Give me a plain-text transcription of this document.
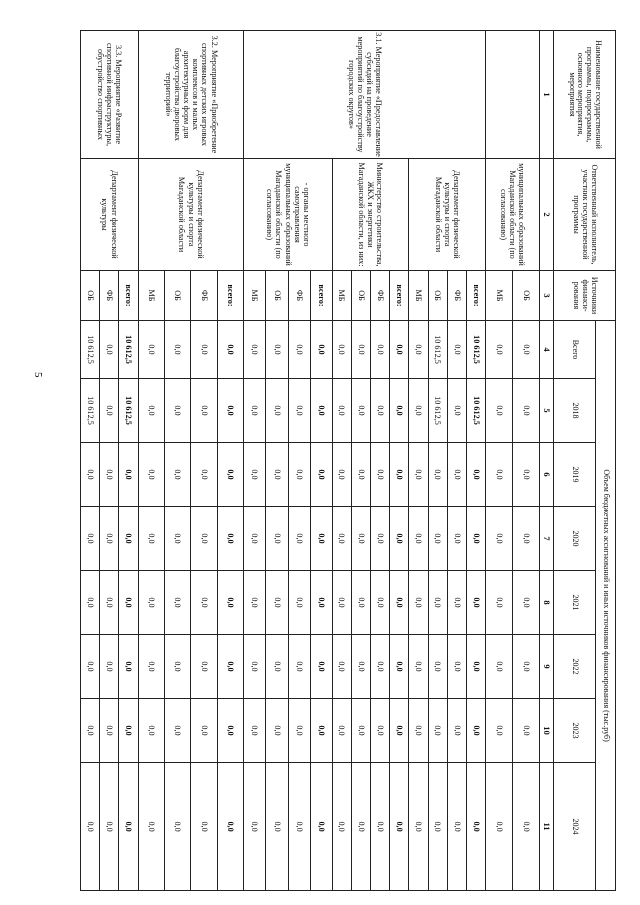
5
Наименование государственной программы, подпрограммы, основного мероприятия, мероприятия	Ответственный исполнитель, участник государственной программы	Источники финанси-рования	Объем бюджетных ассигнований и иных источников финансирования (тыс.руб)							
			Всего	2018	2019	2020	2021	2022	2023	2024
1	2	3	4	5	6	7	8	9	10	11
	муниципальных образований Магаданской области (по согласованию)	ОБ	0,0	0,0	0,0	0,0	0,0	0,0	0,0	0,0
		МБ	0,0	0,0	0,0	0,0	0,0	0,0	0,0	0,0
3.1. Мероприятие «Предоставление субсидий на проведение мероприятий по благоустройству городских округов»	Департамент физической культуры и спорта Магаданской области	всего:	10 612,5	10 612,5	0,0	0,0	0,0	0,0	0,0	0,0
		ФБ	0,0	0,0	0,0	0,0	0,0	0,0	0,0	0,0
		ОБ	10 612,5	10 612,5	0,0	0,0	0,0	0,0	0,0	0,0
		МБ	0,0	0,0	0,0	0,0	0,0	0,0	0,0	0,0
	Министерство строительства, ЖКХ и энергетики Магаданской области, из них:	всего:	0,0	0,0	0,0	0,0	0,0	0,0	0,0	0,0
		ФБ	0,0	0,0	0,0	0,0	0,0	0,0	0,0	0,0
		ОБ	0,0	0,0	0,0	0,0	0,0	0,0	0,0	0,0
		МБ	0,0	0,0	0,0	0,0	0,0	0,0	0,0	0,0
	- органы местного самоуправления муниципальных образований Магаданской области (по согласованию)	всего:	0,0	0,0	0,0	0,0	0,0	0,0	0,0	0,0
		ФБ	0,0	0,0	0,0	0,0	0,0	0,0	0,0	0,0
		ОБ	0,0	0,0	0,0	0,0	0,0	0,0	0,0	0,0
		МБ	0,0	0,0	0,0	0,0	0,0	0,0	0,0	0,0
3.2. Мероприятие «Приобретение спортивных детских игровых комплексов и малых архитектурных форм для благоустройства дворовых территорий»	Департамент физической культуры и спорта Магаданской области	всего:	0,0	0,0	0,0	0,0	0,0	0,0	0,0	0,0
		ФБ	0,0	0,0	0,0	0,0	0,0	0,0	0,0	0,0
		ОБ	0,0	0,0	0,0	0,0	0,0	0,0	0,0	0,0
		МБ	0,0	0,0	0,0	0,0	0,0	0,0	0,0	0,0
3.3. Мероприятие «Развитие спортивной инфраструктуры, обустройство спортивных	Департамент физической культуры	всего:	10 612,5	10 612,5	0,0	0,0	0,0	0,0	0,0	0,0
		ФБ	0,0	0,0	0,0	0,0	0,0	0,0	0,0	0,0
		ОБ	10 612,5	10 612,5	0,0	0,0	0,0	0,0	0,0	0,0
